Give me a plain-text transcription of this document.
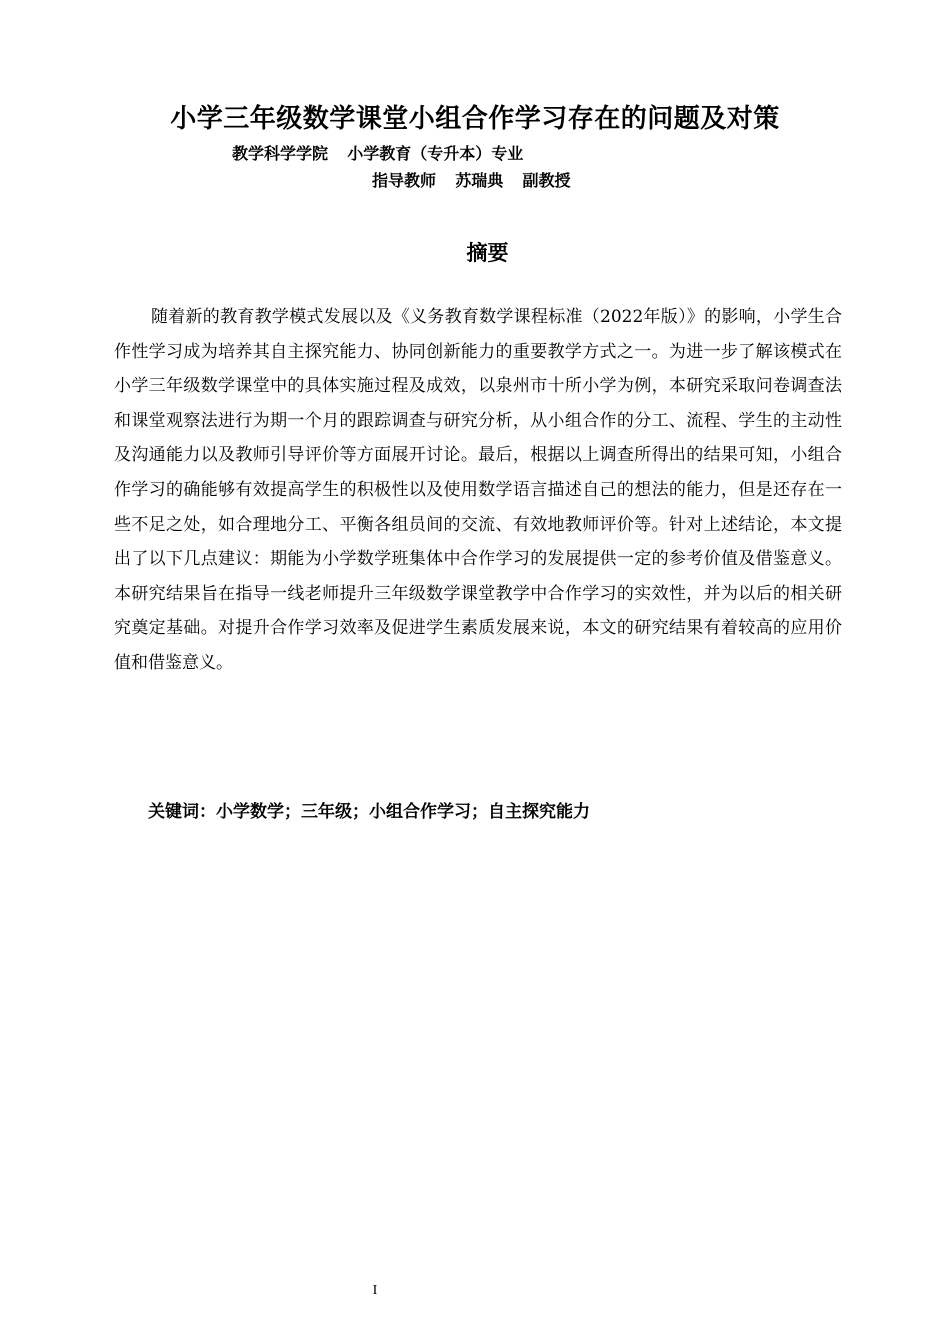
小学三年级数学课堂小组合作学习存在的问题及对策
教学科学学院  小学教育（专升本）专业
指导教师  苏瑞典  副教授
摘要

随着新的教育教学模式发展以及《义务教育数学课程标准（2022年版）》的影响，小学生合作性学习成为培养其自主探究能力、协同创新能力的重要教学方式之一。为进一步了解该模式在小学三年级数学课堂中的具体实施过程及成效，以泉州市十所小学为例，本研究采取问卷调查法和课堂观察法进行为期一个月的跟踪调查与研究分析，从小组合作的分工、流程、学生的主动性及沟通能力以及教师引导评价等方面展开讨论。最后，根据以上调查所得出的结果可知，小组合作学习的确能够有效提高学生的积极性以及使用数学语言描述自己的想法的能力，但是还存在一些不足之处，如合理地分工、平衡各组员间的交流、有效地教师评价等。针对上述结论，本文提出了以下几点建议：期能为小学数学班集体中合作学习的发展提供一定的参考价值及借鉴意义。本研究结果旨在指导一线老师提升三年级数学课堂教学中合作学习的实效性，并为以后的相关研究奠定基础。对提升合作学习效率及促进学生素质发展来说，本文的研究结果有着较高的应用价值和借鉴意义。

关键词：小学数学；三年级；小组合作学习；自主探究能力
I
